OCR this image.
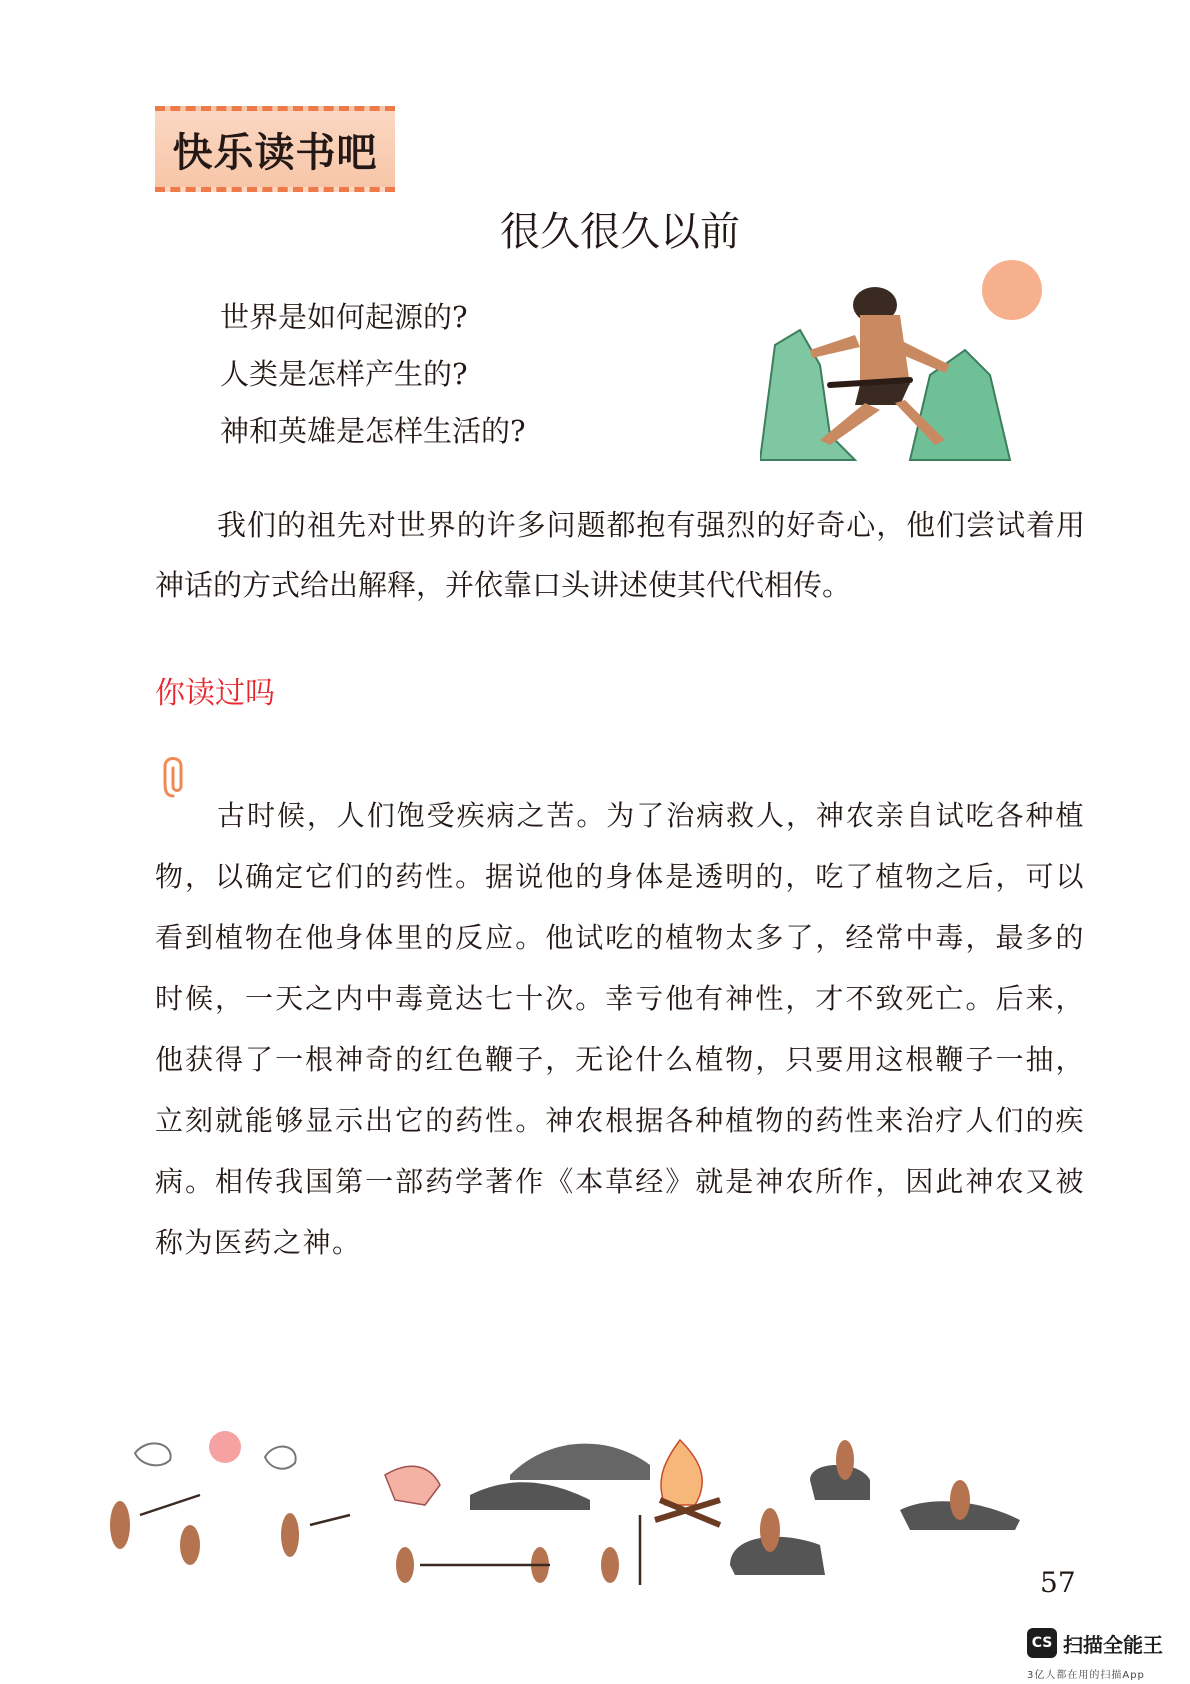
快乐读书吧
很久很久以前
世界是如何起源的?
人类是怎样产生的?
神和英雄是怎样生活的?
我们的祖先对世界的许多问题都抱有强烈的好奇心，他们尝试着用神话的方式给出解释，并依靠口头讲述使其代代相传。
你读过吗
古时候，人们饱受疾病之苦。为了治病救人，神农亲自试吃各种植物，以确定它们的药性。据说他的身体是透明的，吃了植物之后，可以看到植物在他身体里的反应。他试吃的植物太多了，经常中毒，最多的时候，一天之内中毒竟达七十次。幸亏他有神性，才不致死亡。后来，他获得了一根神奇的红色鞭子，无论什么植物，只要用这根鞭子一抽，立刻就能够显示出它的药性。神农根据各种植物的药性来治疗人们的疾病。相传我国第一部药学著作《本草经》就是神农所作，因此神农又被称为医药之神。
57
CS 扫描全能王
3亿人都在用的扫描App
